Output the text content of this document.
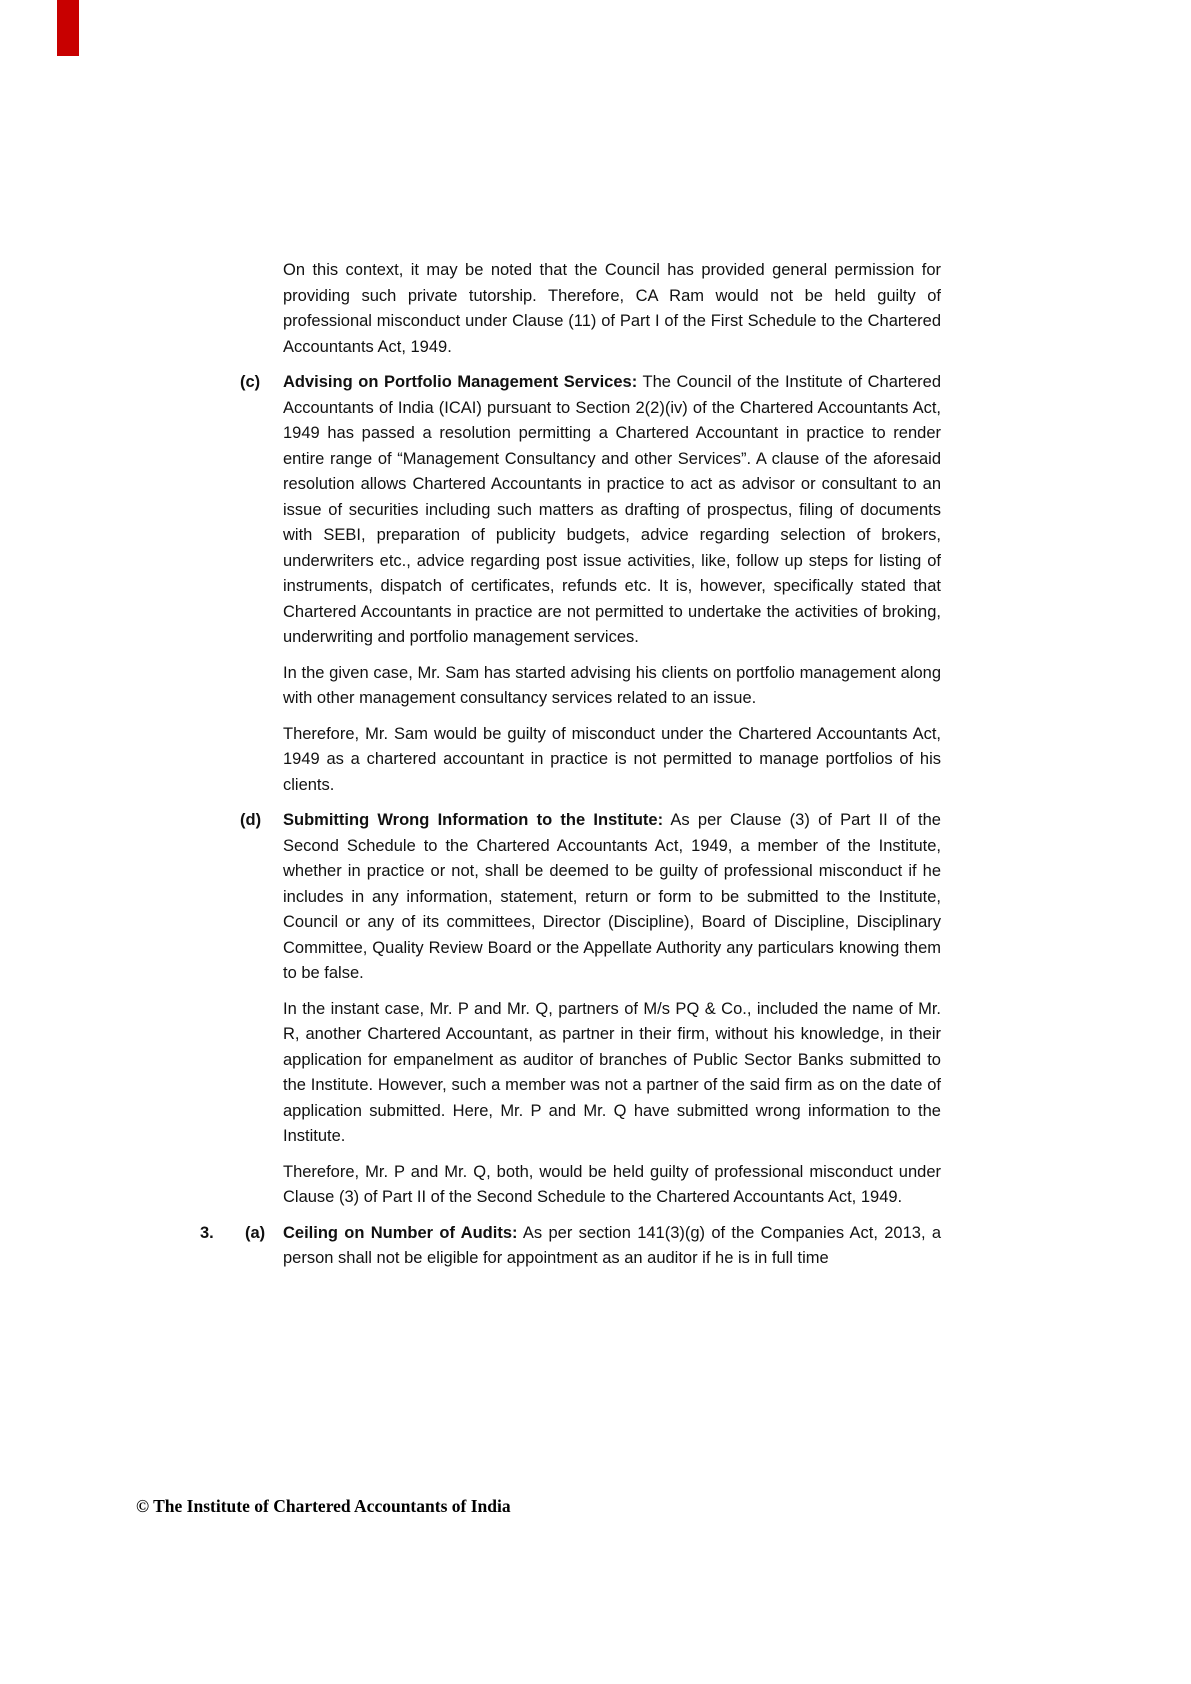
On this context, it may be noted that the Council has provided general permission for providing such private tutorship. Therefore, CA Ram would not be held guilty of professional misconduct under Clause (11) of Part I of the First Schedule to the Chartered Accountants Act, 1949.

(c)	Advising on Portfolio Management Services: The Council of the Institute of Chartered Accountants of India (ICAI) pursuant to Section 2(2)(iv) of the Chartered Accountants Act, 1949 has passed a resolution permitting a Chartered Accountant in practice to render entire range of “Management Consultancy and other Services”. A clause of the aforesaid resolution allows Chartered Accountants in practice to act as advisor or consultant to an issue of securities including such matters as drafting of prospectus, filing of documents with SEBI, preparation of publicity budgets, advice regarding selection of brokers, underwriters etc., advice regarding post issue activities, like, follow up steps for listing of instruments, dispatch of certificates, refunds etc. It is, however, specifically stated that Chartered Accountants in practice are not permitted to undertake the activities of broking, underwriting and portfolio management services.

In the given case, Mr. Sam has started advising his clients on portfolio management along with other management consultancy services related to an issue.

Therefore, Mr. Sam would be guilty of misconduct under the Chartered Accountants Act, 1949 as a chartered accountant in practice is not permitted to manage portfolios of his clients.

(d)	Submitting Wrong Information to the Institute: As per Clause (3) of Part II of the Second Schedule to the Chartered Accountants Act, 1949, a member of the Institute, whether in practice or not, shall be deemed to be guilty of professional misconduct if he includes in any information, statement, return or form to be submitted to the Institute, Council or any of its committees, Director (Discipline), Board of Discipline, Disciplinary Committee, Quality Review Board or the Appellate Authority any particulars knowing them to be false.

In the instant case, Mr. P and Mr. Q, partners of M/s PQ & Co., included the name of Mr. R, another Chartered Accountant, as partner in their firm, without his knowledge, in their application for empanelment as auditor of branches of Public Sector Banks submitted to the Institute. However, such a member was not a partner of the said firm as on the date of application submitted. Here, Mr. P and Mr. Q have submitted wrong information to the Institute.

Therefore, Mr. P and Mr. Q, both, would be held guilty of professional misconduct under Clause (3) of Part II of the Second Schedule to the Chartered Accountants Act, 1949.

3.	(a)	Ceiling on Number of Audits: As per section 141(3)(g) of the Companies Act, 2013, a person shall not be eligible for appointment as an auditor if he is in full time
© The Institute of Chartered Accountants of India
